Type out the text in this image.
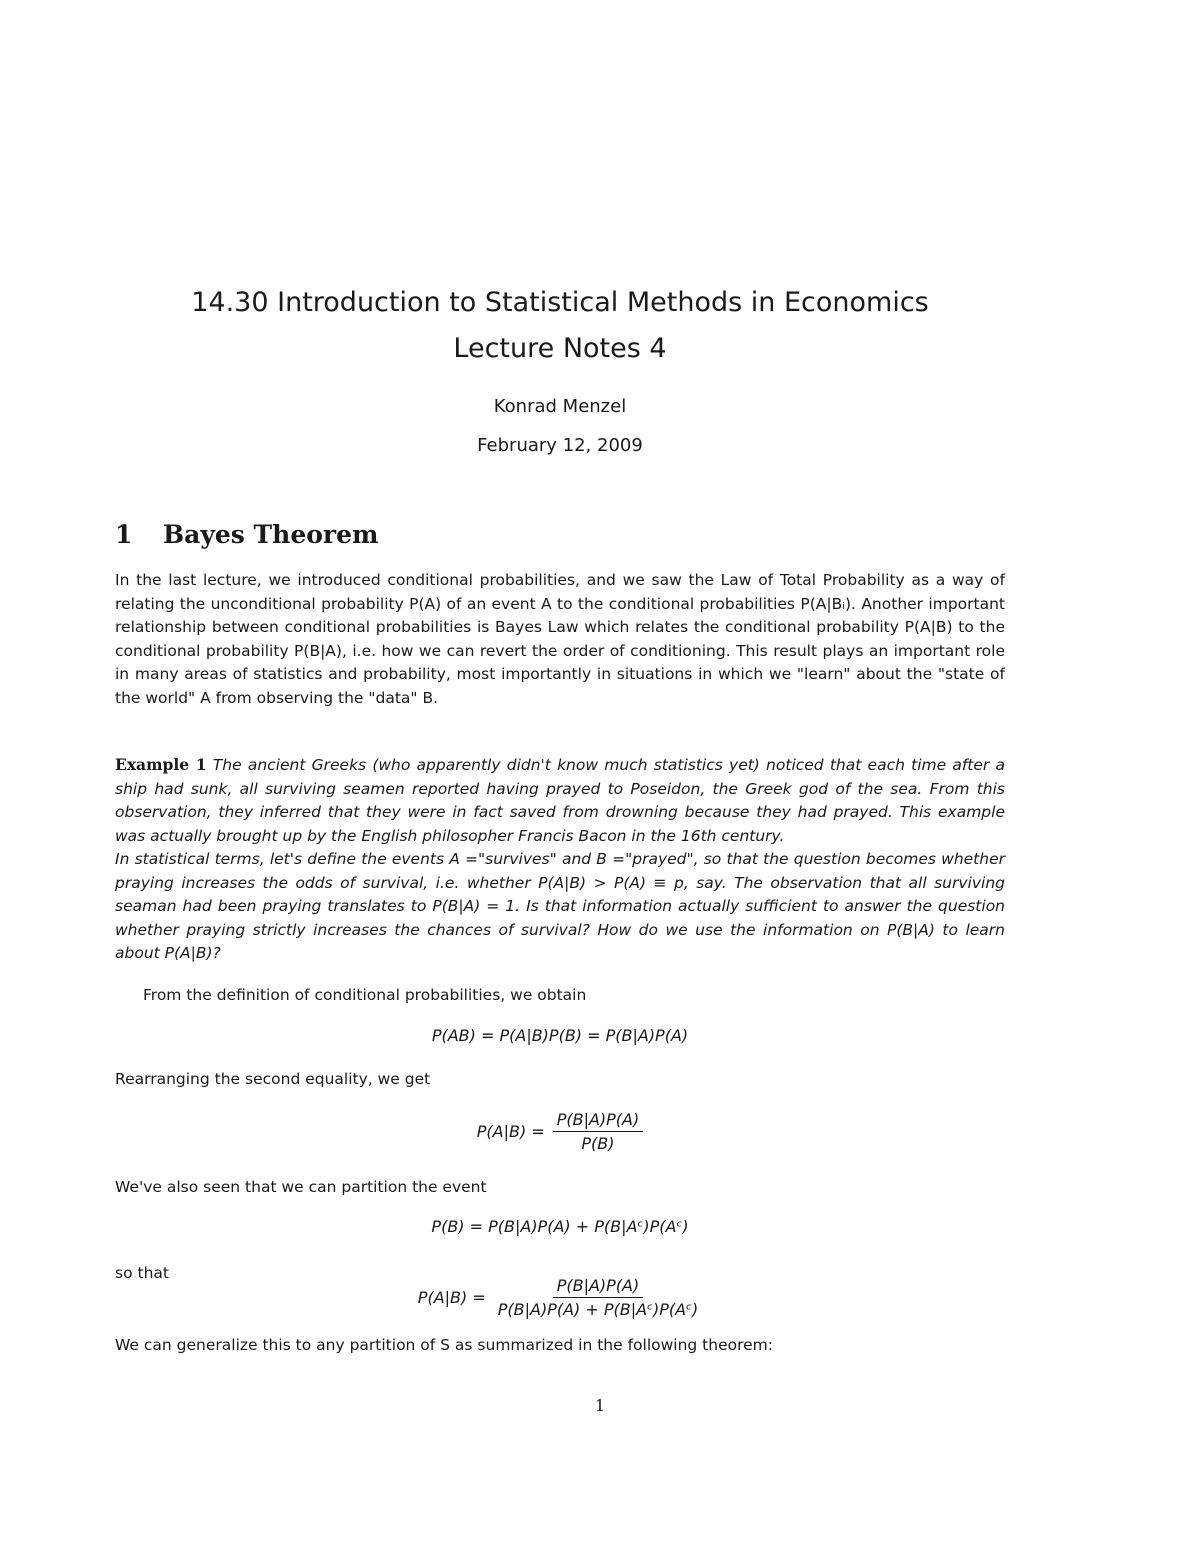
14.30 Introduction to Statistical Methods in Economics
Lecture Notes 4
Konrad Menzel
February 12, 2009
1 Bayes Theorem
In the last lecture, we introduced conditional probabilities, and we saw the Law of Total Probability as a way of relating the unconditional probability P(A) of an event A to the conditional probabilities P(A|Bᵢ). Another important relationship between conditional probabilities is Bayes Law which relates the conditional probability P(A|B) to the conditional probability P(B|A), i.e. how we can revert the order of conditioning. This result plays an important role in many areas of statistics and probability, most importantly in situations in which we "learn" about the "state of the world" A from observing the "data" B.
Example 1 The ancient Greeks (who apparently didn't know much statistics yet) noticed that each time after a ship had sunk, all surviving seamen reported having prayed to Poseidon, the Greek god of the sea. From this observation, they inferred that they were in fact saved from drowning because they had prayed. This example was actually brought up by the English philosopher Francis Bacon in the 16th century.
In statistical terms, let's define the events A ="survives" and B ="prayed", so that the question becomes whether praying increases the odds of survival, i.e. whether P(A|B) > P(A) ≡ p, say. The observation that all surviving seaman had been praying translates to P(B|A) = 1. Is that information actually sufficient to answer the question whether praying strictly increases the chances of survival? How do we use the information on P(B|A) to learn about P(A|B)?
From the definition of conditional probabilities, we obtain
P(AB) = P(A|B)P(B) = P(B|A)P(A)
Rearranging the second equality, we get
$P(A|B) = \frac{P(B|A)P(A)}{P(B)}$
We've also seen that we can partition the event
P(B) = P(B|A)P(A) + P(B|Aᶜ)P(Aᶜ)
so that
$P(A|B) = \frac{P(B|A)P(A)}{\text{P(B|A)P(A) + P(B|Aᶜ)P(Aᶜ)}}$
We can generalize this to any partition of S as summarized in the following theorem:
1
